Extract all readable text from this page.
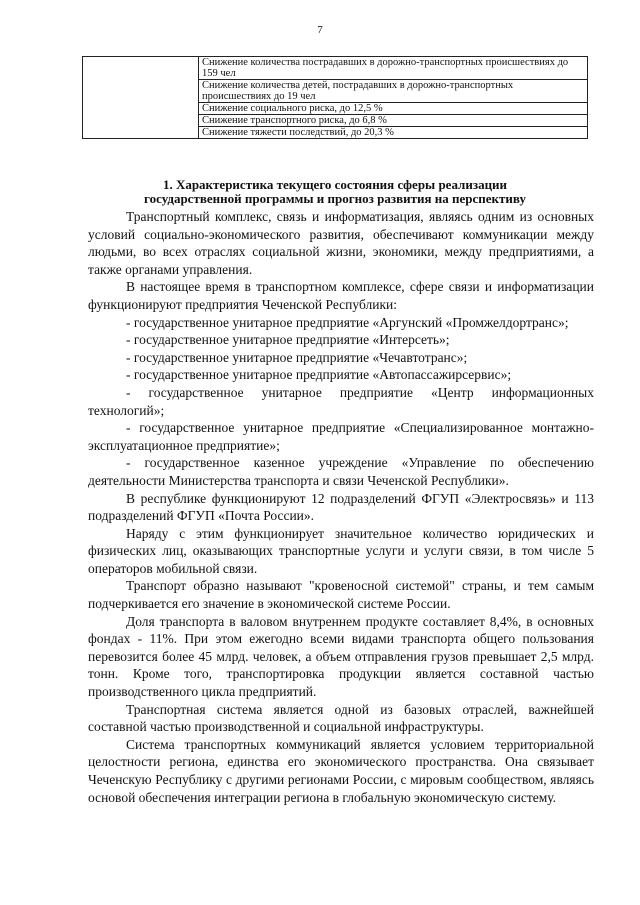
7
	Снижение количества пострадавших в дорожно-транспортных происшествиях до 159 чел
Снижение количества детей, пострадавших в дорожно-транспортных происшествиях до 19 чел
Снижение социального риска, до 12,5 %
Снижение транспортного риска, до 6,8 %
Снижение тяжести последствий, до 20,3 %
1. Характеристика текущего состояния сферы реализации
государственной программы и прогноз развития на перспективу

Транспортный комплекс, связь и информатизация, являясь одним из основных условий социально-экономического развития, обеспечивают коммуникации между людьми, во всех отраслях социальной жизни, экономики, между предприятиями, а также органами управления.

В настоящее время в транспортном комплексе, сфере связи и информатизации функционируют предприятия Чеченской Республики:

- государственное унитарное предприятие «Аргунский «Промжелдортранс»;

- государственное унитарное предприятие «Интерсеть»;

- государственное унитарное предприятие «Чечавтотранс»;

- государственное унитарное предприятие «Автопассажирсервис»;

- государственное унитарное предприятие «Центр информационных технологий»;

- государственное унитарное предприятие «Специализированное монтажно-эксплуатационное предприятие»;

- государственное казенное учреждение «Управление по обеспечению деятельности Министерства транспорта и связи Чеченской Республики».

В республике функционируют 12 подразделений ФГУП «Электросвязь» и 113 подразделений ФГУП «Почта России».

Наряду с этим функционирует значительное количество юридических и физических лиц, оказывающих транспортные услуги и услуги связи, в том числе 5 операторов мобильной связи.

Транспорт образно называют "кровеносной системой" страны, и тем самым подчеркивается его значение в экономической системе России.

Доля транспорта в валовом внутреннем продукте составляет 8,4%, в основных фондах - 11%. При этом ежегодно всеми видами транспорта общего пользования перевозится более 45 млрд. человек, а объем отправления грузов превышает 2,5 млрд. тонн. Кроме того, транспортировка продукции является составной частью производственного цикла предприятий.

Транспортная система является одной из базовых отраслей, важнейшей составной частью производственной и социальной инфраструктуры.

Система транспортных коммуникаций является условием территориальной целостности региона, единства его экономического пространства. Она связывает Чеченскую Республику с другими регионами России, с мировым сообществом, являясь основой обеспечения интеграции региона в глобальную экономическую систему.
